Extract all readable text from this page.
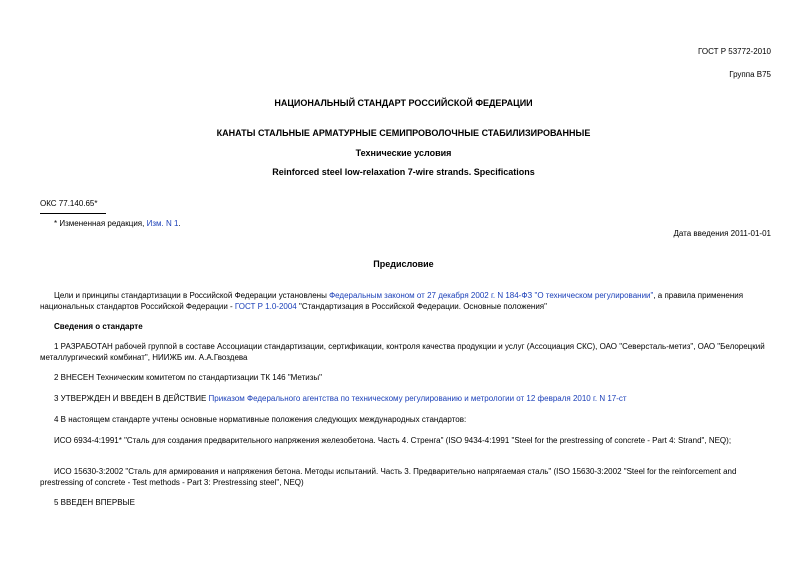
ГОСТ Р 53772-2010
Группа В75
НАЦИОНАЛЬНЫЙ СТАНДАРТ РОССИЙСКОЙ ФЕДЕРАЦИИ
КАНАТЫ СТАЛЬНЫЕ АРМАТУРНЫЕ СЕМИПРОВОЛОЧНЫЕ СТАБИЛИЗИРОВАННЫЕ
Технические условия
Reinforced steel low-relaxation 7-wire strands. Specifications
ОКС 77.140.65*
* Измененная редакция, Изм. N 1.
Дата введения 2011-01-01
Предисловие
Цели и принципы стандартизации в Российской Федерации установлены Федеральным законом от 27 декабря 2002 г. N 184-ФЗ "О техническом регулировании", а правила применения национальных стандартов Российской Федерации - ГОСТ Р 1.0-2004 "Стандартизация в Российской Федерации. Основные положения"
Сведения о стандарте
1 РАЗРАБОТАН рабочей группой в составе Ассоциации стандартизации, сертификации, контроля качества продукции и услуг (Ассоциация СКС), ОАО "Северсталь-метиз", ОАО "Белорецкий металлургический комбинат", НИИЖБ им. А.А.Гвоздева
2 ВНЕСЕН Техническим комитетом по стандартизации ТК 146 "Метизы"
3 УТВЕРЖДЕН И ВВЕДЕН В ДЕЙСТВИЕ Приказом Федерального агентства по техническому регулированию и метрологии от 12 февраля 2010 г. N 17-ст
4 В настоящем стандарте учтены основные нормативные положения следующих международных стандартов:
ИСО 6934-4:1991* "Сталь для создания предварительного напряжения железобетона. Часть 4. Стренга" (ISO 9434-4:1991 "Steel for the prestressing of concrete - Part 4: Strand", NEQ);
ИСО 15630-3:2002 "Сталь для армирования и напряжения бетона. Методы испытаний. Часть 3. Предварительно напрягаемая сталь" (ISO 15630-3:2002 "Steel for the reinforcement and prestressing of concrete - Test methods - Part 3: Prestressing steel", NEQ)
5 ВВЕДЕН ВПЕРВЫЕ
